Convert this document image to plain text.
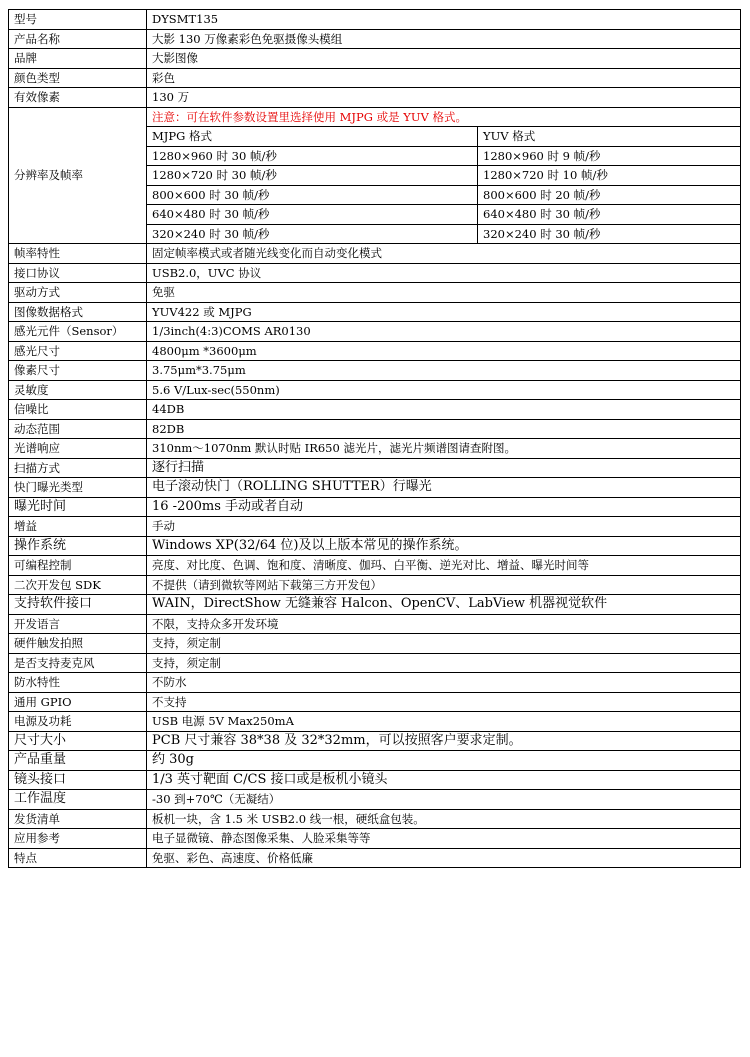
型号	DYSMT135	
产品名称	大影 130 万像素彩色免驱摄像头模组	
品牌	大影图像	
颜色类型	彩色	
有效像素	130 万	
分辨率及帧率	注意：可在软件参数设置里选择使用 MJPG 或是 YUV 格式。	
	MJPG 格式	YUV 格式
	1280×960 时 30 帧/秒	1280×960 时 9 帧/秒
	1280×720 时 30 帧/秒	1280×720 时 10 帧/秒
	800×600 时 30 帧/秒	800×600 时 20 帧/秒
	640×480 时 30 帧/秒	640×480 时 30 帧/秒
	320×240 时 30 帧/秒	320×240 时 30 帧/秒
帧率特性	固定帧率模式或者随光线变化而自动变化模式	
接口协议	USB2.0，UVC 协议	
驱动方式	免驱	
图像数据格式	YUV422 或 MJPG	
感光元件（Sensor）	1/3inch(4:3)COMS AR0130	
感光尺寸	4800μm *3600μm	
像素尺寸	3.75μm*3.75μm	
灵敏度	5.6 V/Lux-sec(550nm)	
信噪比	44DB	
动态范围	82DB	
光谱响应	310nm～1070nm 默认时贴 IR650 滤光片，滤光片频谱图请查附图。	
扫描方式	逐行扫描	
快门曝光类型	电子滚动快门（ROLLING SHUTTER）行曝光	
曝光时间	16 -200ms 手动或者自动	
增益	手动	
操作系统	Windows XP(32/64 位)及以上版本常见的操作系统。	
可编程控制	亮度、对比度、色调、饱和度、清晰度、伽玛、白平衡、逆光对比、增益、曝光时间等	
二次开发包 SDK	不提供（请到微软等网站下载第三方开发包）	
支持软件接口	WAIN，DirectShow 无缝兼容 Halcon、OpenCV、LabView 机器视觉软件	
开发语言	不限，支持众多开发环境	
硬件触发拍照	支持，须定制	
是否支持麦克风	支持，须定制	
防水特性	不防水	
通用 GPIO	不支持	
电源及功耗	USB 电源 5V Max250mA	
尺寸大小	PCB 尺寸兼容 38*38 及 32*32mm，可以按照客户要求定制。	
产品重量	约 30g	
镜头接口	1/3 英寸靶面 C/CS 接口或是板机小镜头	
工作温度	-30 到+70℃（无凝结）	
发货清单	板机一块，含 1.5 米 USB2.0 线一根，硬纸盒包装。	
应用参考	电子显微镜、静态图像采集、人脸采集等等	
特点	免驱、彩色、高速度、价格低廉	
